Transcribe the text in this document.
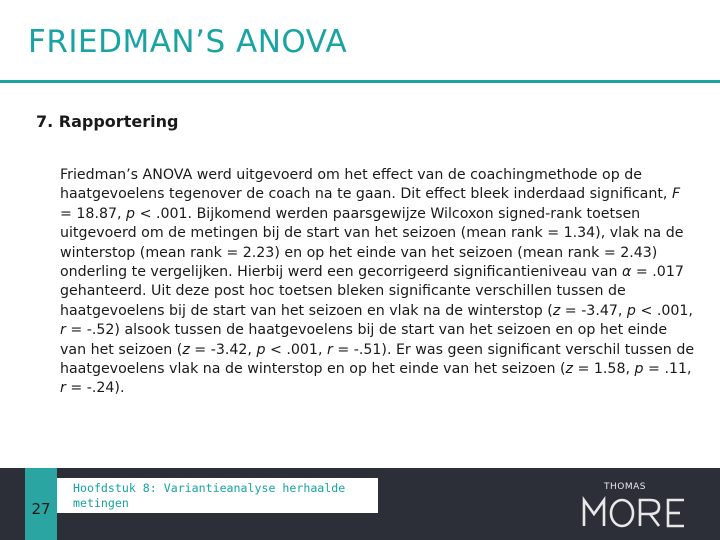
FRIEDMAN’S ANOVA
7. Rapportering

Friedman’s ANOVA werd uitgevoerd om het effect van de coachingmethode op de haatgevoelens tegenover de coach na te gaan. Dit effect bleek inderdaad significant, F = 18.87, p < .001. Bijkomend werden paarsgewijze Wilcoxon signed-rank toetsen uitgevoerd om de metingen bij de start van het seizoen (mean rank = 1.34), vlak na de winterstop (mean rank = 2.23) en op het einde van het seizoen (mean rank = 2.43) onderling te vergelijken. Hierbij werd een gecorrigeerd significantieniveau van α = .017 gehanteerd. Uit deze post hoc toetsen bleken significante verschillen tussen de haatgevoelens bij de start van het seizoen en vlak na de winterstop (z = -3.47, p < .001, r = -.52) alsook tussen de haatgevoelens bij de start van het seizoen en op het einde van het seizoen (z = -3.42, p < .001, r = -.51). Er was geen significant verschil tussen de haatgevoelens vlak na de winterstop en op het einde van het seizoen (z = 1.58, p = .11, r = -.24).

27
Hoofdstuk 8: Variantieanalyse herhaalde metingen
THOMAS
